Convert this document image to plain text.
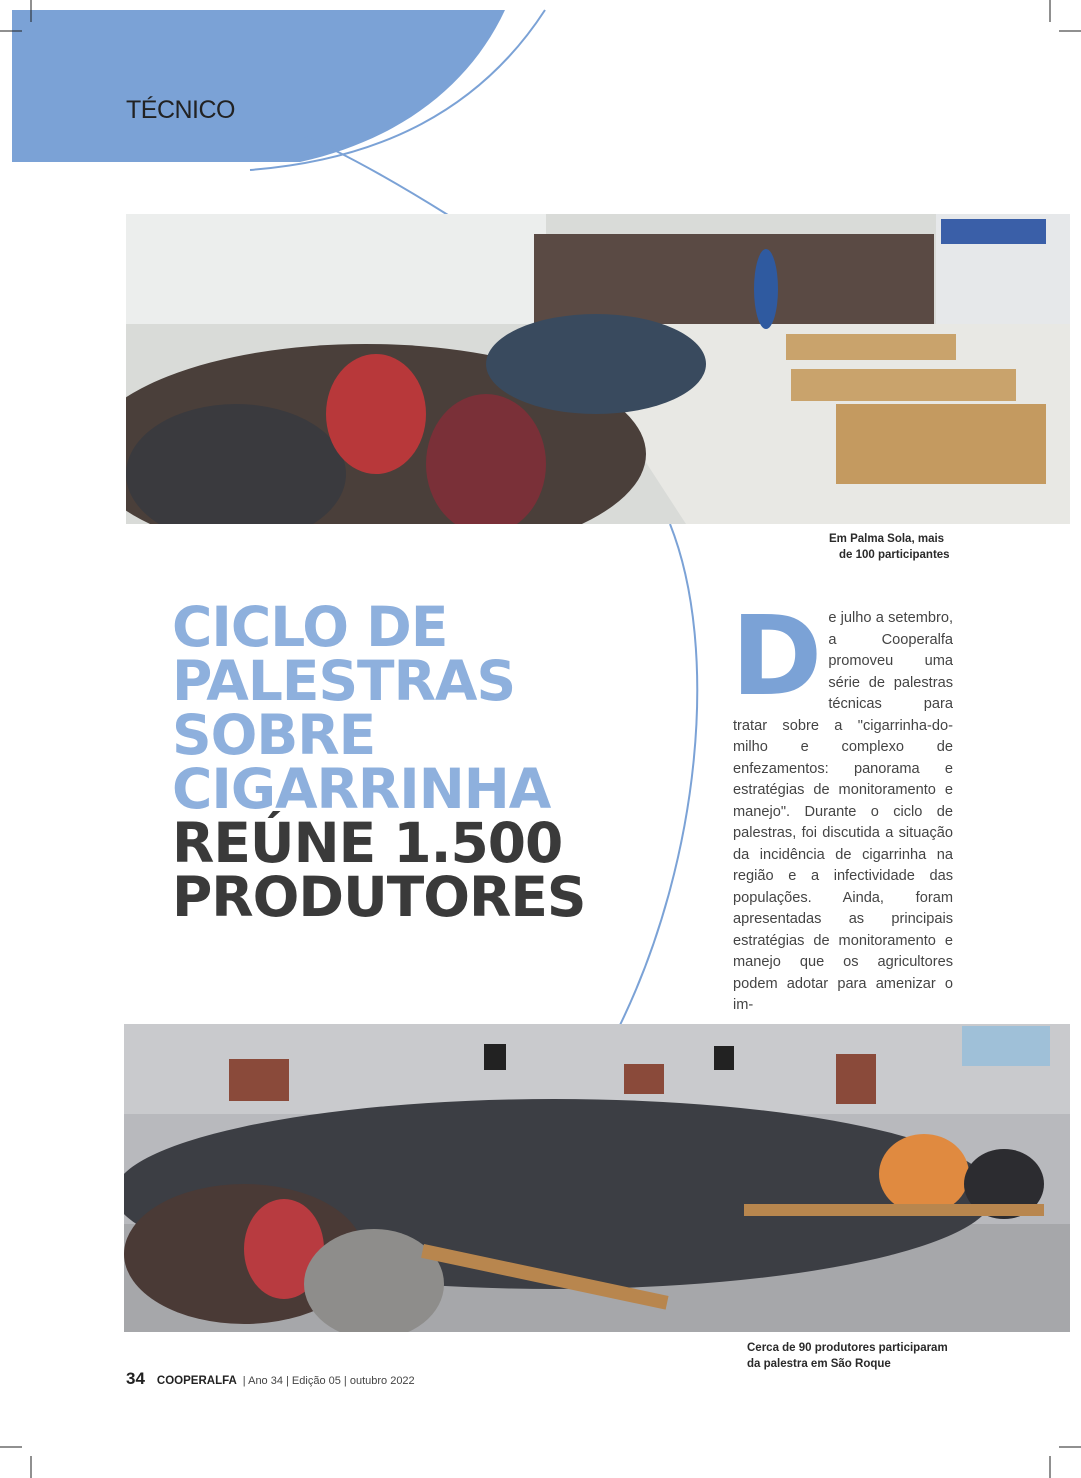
TÉCNICO
Em Palma Sola, mais
de 100 participantes
CICLO DE
PALESTRAS
SOBRE
CIGARRINHA
REÚNE 1.500
PRODUTORES
De julho a setembro, a Cooperalfa promoveu uma série de palestras técnicas para tratar sobre a "cigarrinha-do-milho e complexo de enfezamentos: panorama e estratégias de monitoramento e manejo". Durante o ciclo de palestras, foi discutida a situação da incidência de cigarrinha na região e a infectividade das populações. Ainda, foram apresentadas as principais estratégias de monitoramento e manejo que os agricultores podem adotar para amenizar o im-
Cerca de 90 produtores participaram
da palestra em São Roque
34 COOPERALFA | Ano 34 | Edição 05 | outubro 2022
